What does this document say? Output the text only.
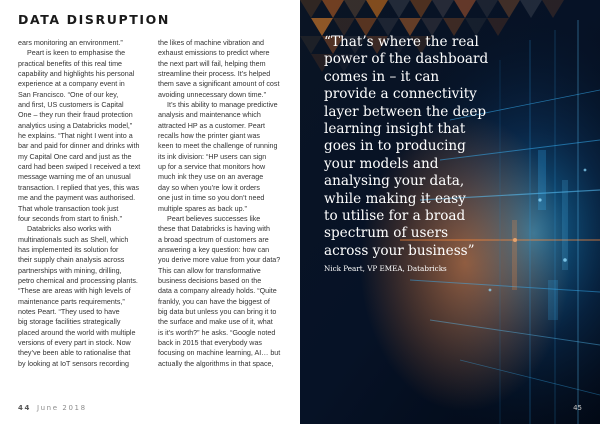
DATA DISRUPTION
ears monitoring an environment.”
Peart is keen to emphasise the
practical benefits of this real time
capability and highlights his personal
experience at a company event in
San Francisco. “One of our key,
and first, US customers is Capital
One – they run their fraud protection
analytics using a Databricks model,”
he explains. “That night I went into a
bar and paid for dinner and drinks with
my Capital One card and just as the
card had been swiped I received a text
message warning me of an unusual
transaction. I replied that yes, this was
me and the payment was authorised.
That whole transaction took just
four seconds from start to finish.”
Databricks also works with
multinationals such as Shell, which
has implemented its solution for
their supply chain analysis across
partnerships with mining, drilling,
petro chemical and processing plants.
“These are areas with high levels of
maintenance parts requirements,”
notes Peart. “They used to have
big storage facilities strategically
placed around the world with multiple
versions of every part in stock. Now
they’ve been able to rationalise that
by looking at IoT sensors recording
the likes of machine vibration and
exhaust emissions to predict where
the next part will fail, helping them
streamline their process. It’s helped
them save a significant amount of cost
avoiding unnecessary down time.”
It’s this ability to manage predictive
analysis and maintenance which
attracted HP as a customer. Peart
recalls how the printer giant was
keen to meet the challenge of running
its ink division: “HP users can sign
up for a service that monitors how
much ink they use on an average
day so when you’re low it orders
one just in time so you don’t need
multiple spares as back up.”
Peart believes successes like
these that Databricks is having with
a broad spectrum of customers are
answering a key question: how can
you derive more value from your data?
This can allow for transformative
business decisions based on the
data a company already holds. “Quite
frankly, you can have the biggest of
big data but unless you can bring it to
the surface and make use of it, what
is it’s worth?” he asks. “Google noted
back in 2015 that everybody was
focusing on machine learning, AI… but
actually the algorithms in that space,
44 June 2018
“That’s where the real
power of the dashboard
comes in – it can
provide a connectivity
layer between the deep
learning insight that
goes in to producing
your models and
analysing your data,
while making it easy
to utilise for a broad
spectrum of users
across your business”
Nick Peart, VP EMEA, Databricks
45
